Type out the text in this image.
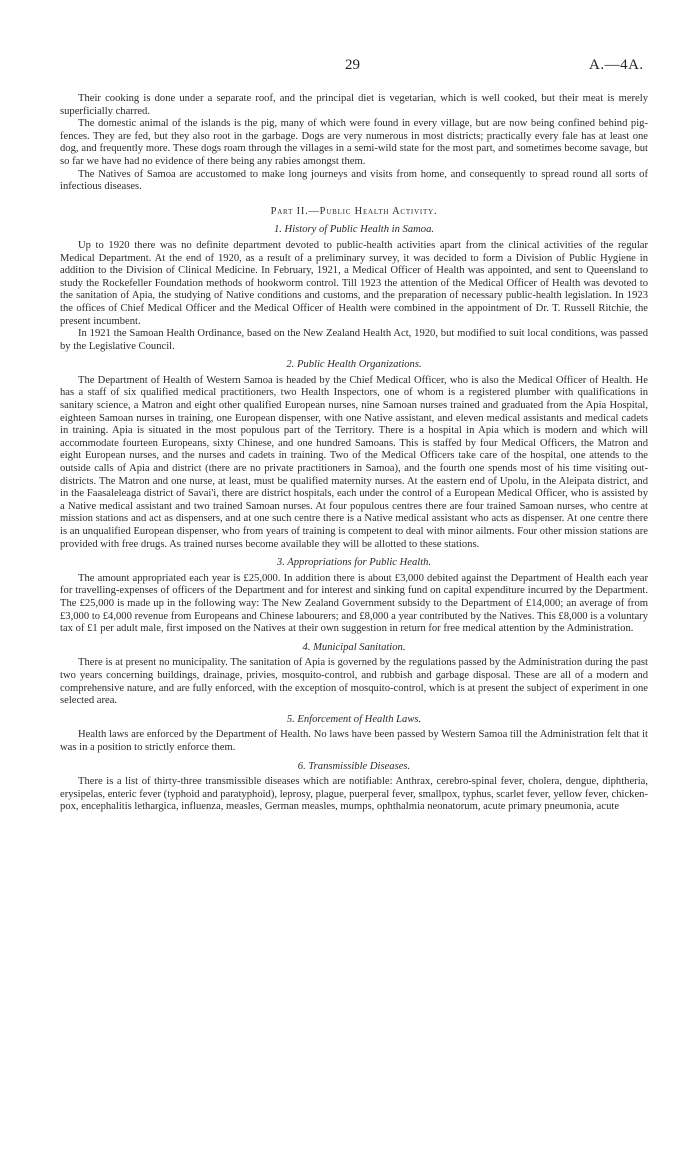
29	A.—4A.

Their cooking is done under a separate roof, and the principal diet is vegetarian, which is well cooked, but their meat is merely superficially charred.

The domestic animal of the islands is the pig, many of which were found in every village, but are now being confined behind pig-fences. They are fed, but they also root in the garbage. Dogs are very numerous in most districts; practically every fale has at least one dog, and frequently more. These dogs roam through the villages in a semi-wild state for the most part, and sometimes become savage, but so far we have had no evidence of there being any rabies amongst them.

The Natives of Samoa are accustomed to make long journeys and visits from home, and consequently to spread round all sorts of infectious diseases.

Part II.—Public Health Activity.
1. History of Public Health in Samoa.

Up to 1920 there was no definite department devoted to public-health activities apart from the clinical activities of the regular Medical Department. At the end of 1920, as a result of a preliminary survey, it was decided to form a Division of Public Hygiene in addition to the Division of Clinical Medicine. In February, 1921, a Medical Officer of Health was appointed, and sent to Queensland to study the Rockefeller Foundation methods of hookworm control. Till 1923 the attention of the Medical Officer of Health was devoted to the sanitation of Apia, the studying of Native conditions and customs, and the preparation of necessary public-health legislation. In 1923 the offices of Chief Medical Officer and the Medical Officer of Health were combined in the appointment of Dr. T. Russell Ritchie, the present incumbent.

In 1921 the Samoan Health Ordinance, based on the New Zealand Health Act, 1920, but modified to suit local conditions, was passed by the Legislative Council.

2. Public Health Organizations.

The Department of Health of Western Samoa is headed by the Chief Medical Officer, who is also the Medical Officer of Health. He has a staff of six qualified medical practitioners, two Health Inspectors, one of whom is a registered plumber with qualifications in sanitary science, a Matron and eight other qualified European nurses, nine Samoan nurses trained and graduated from the Apia Hospital, eighteen Samoan nurses in training, one European dispenser, with one Native assistant, and eleven medical assistants and medical cadets in training. Apia is situated in the most populous part of the Territory. There is a hospital in Apia which is modern and which will accommodate fourteen Europeans, sixty Chinese, and one hundred Samoans. This is staffed by four Medical Officers, the Matron and eight European nurses, and the nurses and cadets in training. Two of the Medical Officers take care of the hospital, one attends to the outside calls of Apia and district (there are no private practitioners in Samoa), and the fourth one spends most of his time visiting out-districts. The Matron and one nurse, at least, must be qualified maternity nurses. At the eastern end of Upolu, in the Aleipata district, and in the Faasaleleaga district of Savai'i, there are district hospitals, each under the control of a European Medical Officer, who is assisted by a Native medical assistant and two trained Samoan nurses. At four populous centres there are four trained Samoan nurses, who centre at mission stations and act as dispensers, and at one such centre there is a Native medical assistant who acts as dispenser. At one centre there is an unqualified European dispenser, who from years of training is competent to deal with minor ailments. Four other mission stations are provided with free drugs. As trained nurses become available they will be allotted to these stations.

3. Appropriations for Public Health.

The amount appropriated each year is £25,000. In addition there is about £3,000 debited against the Department of Health each year for travelling-expenses of officers of the Department and for interest and sinking fund on capital expenditure incurred by the Department. The £25,000 is made up in the following way: The New Zealand Government subsidy to the Department of £14,000; an average of from £3,000 to £4,000 revenue from Europeans and Chinese labourers; and £8,000 a year contributed by the Natives. This £8,000 is a voluntary tax of £1 per adult male, first imposed on the Natives at their own suggestion in return for free medical attention by the Administration.

4. Municipal Sanitation.

There is at present no municipality. The sanitation of Apia is governed by the regulations passed by the Administration during the past two years concerning buildings, drainage, privies, mosquito-control, and rubbish and garbage disposal. These are all of a modern and comprehensive nature, and are fully enforced, with the exception of mosquito-control, which is at present the subject of experiment in one selected area.

5. Enforcement of Health Laws.

Health laws are enforced by the Department of Health. No laws have been passed by Western Samoa till the Administration felt that it was in a position to strictly enforce them.

6. Transmissible Diseases.

There is a list of thirty-three transmissible diseases which are notifiable: Anthrax, cerebro-spinal fever, cholera, dengue, diphtheria, erysipelas, enteric fever (typhoid and paratyphoid), leprosy, plague, puerperal fever, smallpox, typhus, scarlet fever, yellow fever, chicken-pox, encephalitis lethargica, influenza, measles, German measles, mumps, ophthalmia neonatorum, acute primary pneumonia, acute
